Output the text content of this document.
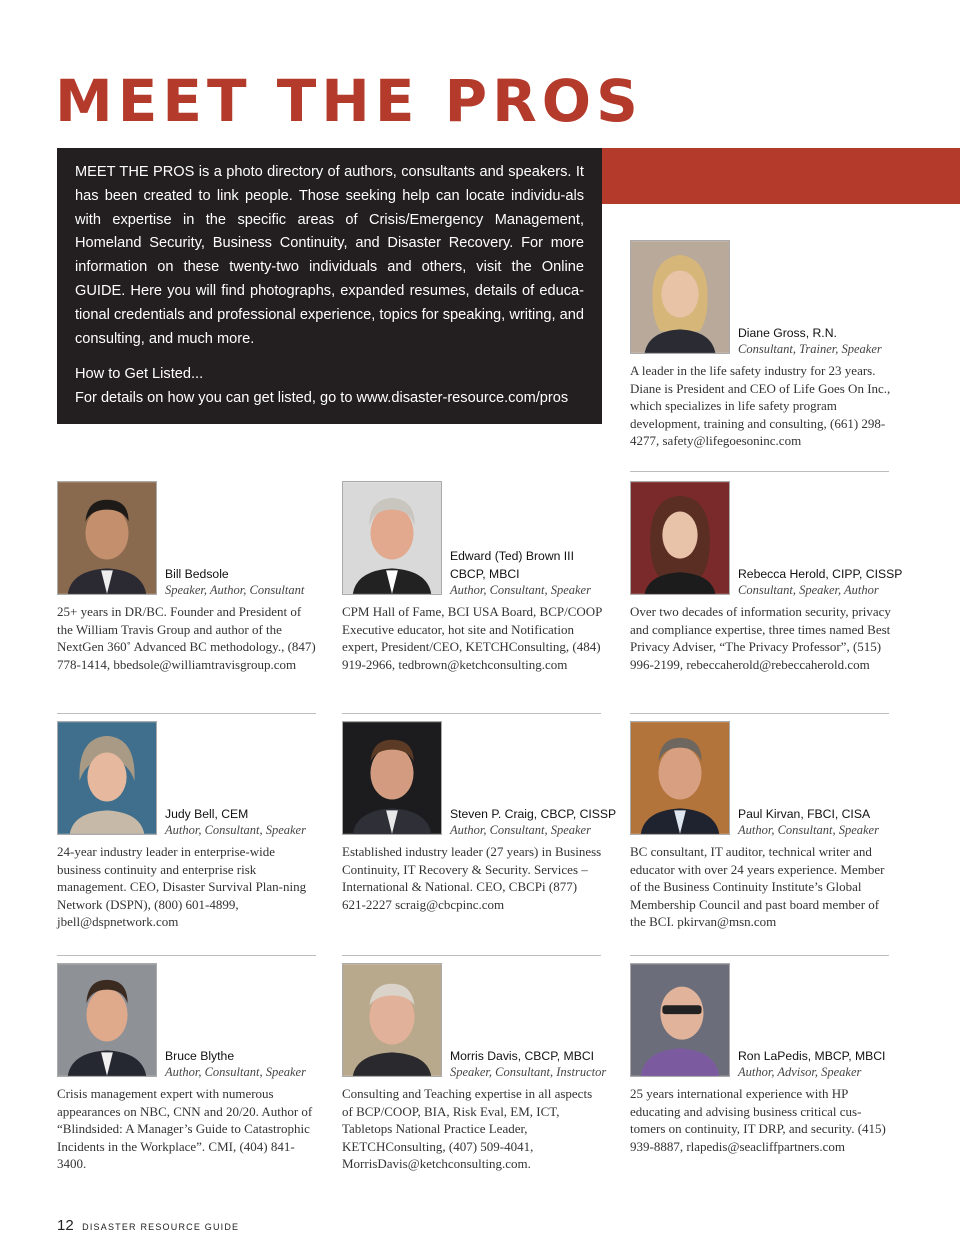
MEET THE PROS

MEET THE PROS is a photo directory of authors, consultants and speakers. It has been created to link people. Those seeking help can locate individu-als with expertise in the specific areas of Crisis/Emergency Management, Homeland Security, Business Continuity, and Disaster Recovery. For more information on these twenty-two individuals and others, visit the Online GUIDE. Here you will find photographs, expanded resumes, details of educa-tional credentials and professional experience, topics for speaking, writing, and consulting, and much more.

How to Get Listed...

For details on how you can get listed, go to www.disaster-resource.com/pros

Diane Gross, R.N.
Consultant, Trainer, Speaker
A leader in the life safety industry for 23 years. Diane is President and CEO of Life Goes On Inc., which specializes in life safety program development, training and consulting, (661) 298-4277, safety@lifegoesoninc.com
Bill Bedsole
Speaker, Author, Consultant
25+ years in DR/BC. Founder and President of the William Travis Group and author of the NextGen 360˚ Advanced BC methodology., (847) 778-1414, bbedsole@williamtravisgroup.com
Edward (Ted) Brown III
CBCP, MBCI
Author, Consultant, Speaker
CPM Hall of Fame, BCI USA Board, BCP/COOP Executive educator, hot site and Notification expert, President/CEO, KETCHConsulting, (484) 919-2966, tedbrown@ketchconsulting.com
Rebecca Herold, CIPP, CISSP
Consultant, Speaker, Author
Over two decades of information security, privacy and compliance expertise, three times named Best Privacy Adviser, “The Privacy Professor”, (515) 996-2199, rebeccaherold@rebeccaherold.com
Judy Bell, CEM
Author, Consultant, Speaker
24-year industry leader in enterprise-wide business continuity and enterprise risk management. CEO, Disaster Survival Plan-ning Network (DSPN), (800) 601-4899, jbell@dspnetwork.com
Steven P. Craig, CBCP, CISSP
Author, Consultant, Speaker
Established industry leader (27 years) in Business Continuity, IT Recovery & Security. Services – International & National. CEO, CBCPi (877) 621-2227 scraig@cbcpinc.com
Paul Kirvan, FBCI, CISA
Author, Consultant, Speaker
BC consultant, IT auditor, technical writer and educator with over 24 years experience. Member of the Business Continuity Institute’s Global Membership Council and past board member of the BCI. pkirvan@msn.com
Bruce Blythe
Author, Consultant, Speaker
Crisis management expert with numerous appearances on NBC, CNN and 20/20. Author of “Blindsided: A Manager’s Guide to Catastrophic Incidents in the Workplace”. CMI, (404) 841-3400.
Morris Davis, CBCP, MBCI
Speaker, Consultant, Instructor
Consulting and Teaching expertise in all aspects of BCP/COOP, BIA, Risk Eval, EM, ICT, Tabletops National Practice Leader, KETCHConsulting, (407) 509-4041, MorrisDavis@ketchconsulting.com.
Ron LaPedis, MBCP, MBCI
Author, Advisor, Speaker
25 years international experience with HP educating and advising business critical cus-tomers on continuity, IT DRP, and security. (415) 939-8887, rlapedis@seacliffpartners.com
12 DISASTER RESOURCE GUIDE
